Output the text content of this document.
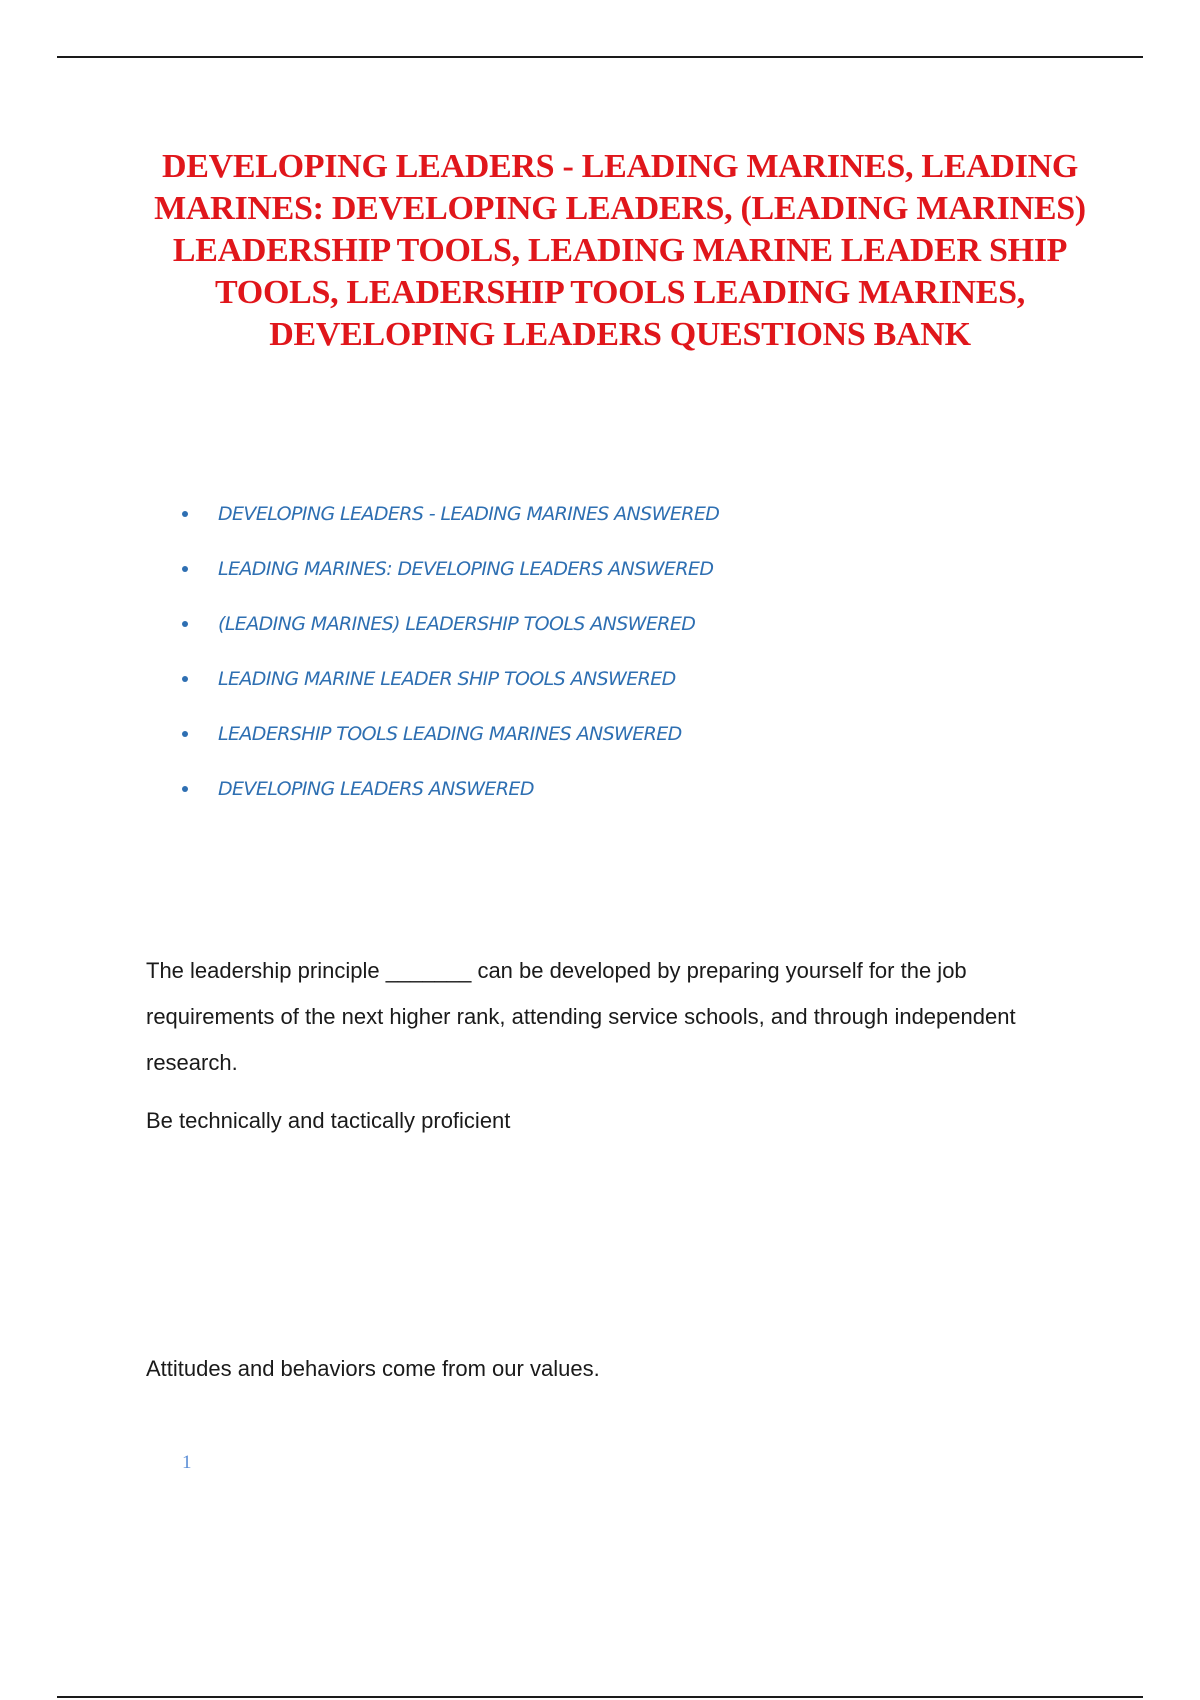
DEVELOPING LEADERS - LEADING MARINES, LEADING MARINES: DEVELOPING LEADERS, (LEADING MARINES) LEADERSHIP TOOLS, LEADING MARINE LEADER SHIP TOOLS, LEADERSHIP TOOLS LEADING MARINES, DEVELOPING LEADERS QUESTIONS BANK
DEVELOPING LEADERS - LEADING MARINES ANSWERED
LEADING MARINES: DEVELOPING LEADERS ANSWERED
(LEADING MARINES) LEADERSHIP TOOLS ANSWERED
LEADING MARINE LEADER SHIP TOOLS ANSWERED
LEADERSHIP TOOLS LEADING MARINES ANSWERED
DEVELOPING LEADERS ANSWERED

The leadership principle _______ can be developed by preparing yourself for the job requirements of the next higher rank, attending service schools, and through independent research.

Be technically and tactically proficient

Attitudes and behaviors come from our values.

1
